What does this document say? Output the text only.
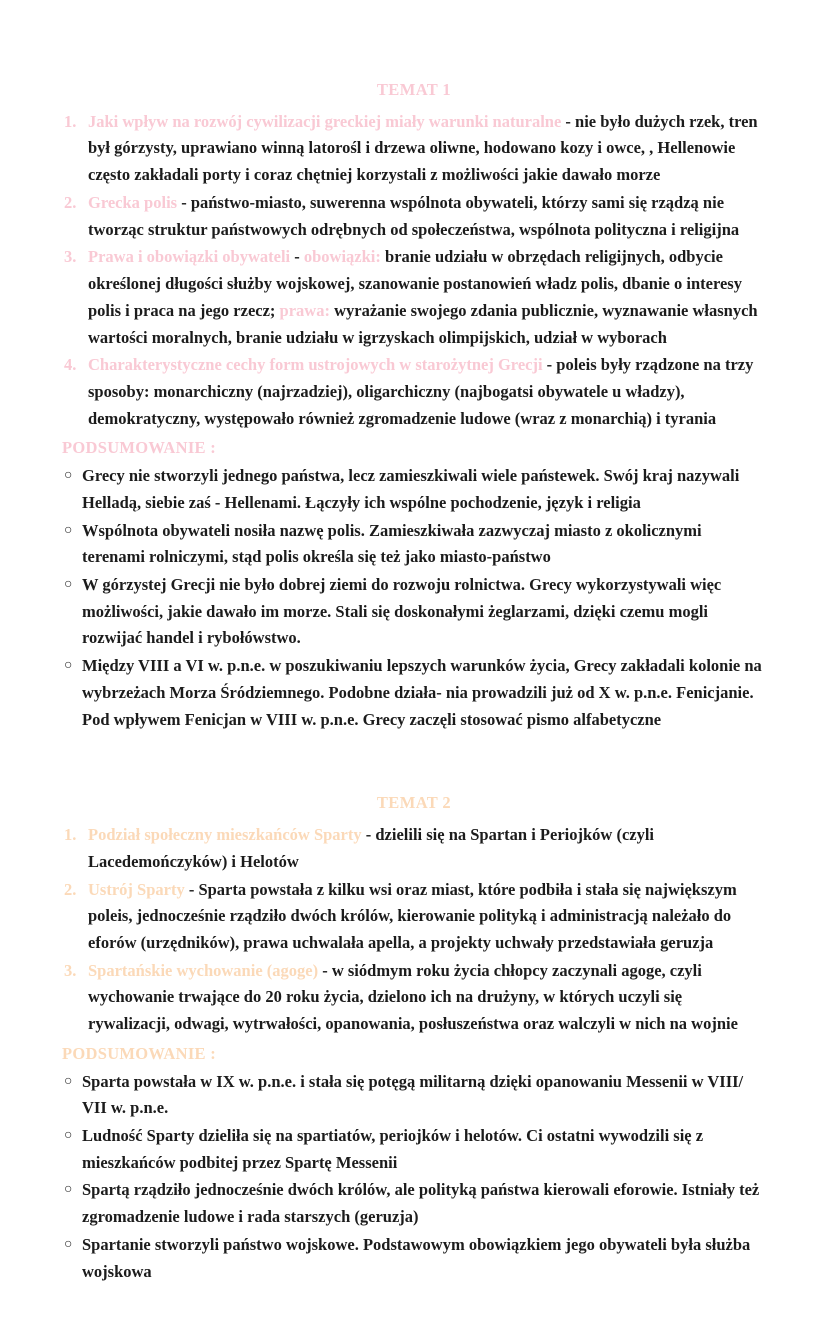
TEMAT 1
1. Jaki wpływ na rozwój cywilizacji greckiej miały warunki naturalne - nie było dużych rzek, tren był górzysty, uprawiano winną latorośl i drzewa oliwne, hodowano kozy i owce, , Hellenowie często zakładali porty i coraz chętniej korzystali z możliwości jakie dawało morze
2. Grecka polis - państwo-miasto, suwerenna wspólnota obywateli, którzy sami się rządzą nie tworząc struktur państwowych odrębnych od społeczeństwa, wspólnota polityczna i religijna
3. Prawa i obowiązki obywateli - obowiązki: branie udziału w obrzędach religijnych, odbycie określonej długości służby wojskowej, szanowanie postanowień władz polis, dbanie o interesy polis i praca na jego rzecz; prawa: wyrażanie swojego zdania publicznie, wyznawanie własnych wartości moralnych, branie udziału w igrzyskach olimpijskich, udział w wyborach
4. Charakterystyczne cechy form ustrojowych w starożytnej Grecji - poleis były rządzone na trzy sposoby: monarchiczny (najrzadziej), oligarchiczny (najbogatsi obywatele u władzy), demokratyczny, występowało również zgromadzenie ludowe (wraz z monarchią) i tyrania
PODSUMOWANIE :
○ Grecy nie stworzyli jednego państwa, lecz zamieszkiwali wiele państewek. Swój kraj nazywali Helladą, siebie zaś - Hellenami. Łączyły ich wspólne pochodzenie, język i religia
○ Wspólnota obywateli nosiła nazwę polis. Zamieszkiwała zazwyczaj miasto z okolicznymi terenami rolniczymi, stąd polis określa się też jako miasto-państwo
○ W górzystej Grecji nie było dobrej ziemi do rozwoju rolnictwa. Grecy wykorzystywali więc możliwości, jakie dawało im morze. Stali się doskonałymi żeglarzami, dzięki czemu mogli rozwijać handel i rybołówstwo.
○ Między VIII a VI w. p.n.e. w poszukiwaniu lepszych warunków życia, Grecy zakładali kolonie na wybrzeżach Morza Śródziemnego. Podobne działa- nia prowadzili już od X w. p.n.e. Fenicjanie. Pod wpływem Fenicjan w VIII w. p.n.e. Grecy zaczęli stosować pismo alfabetyczne
TEMAT 2
1. Podział społeczny mieszkańców Sparty - dzielili się na Spartan i Periojków (czyli Lacedemończyków) i Helotów
2. Ustrój Sparty - Sparta powstała z kilku wsi oraz miast, które podbiła i stała się największym poleis, jednocześnie rządziło dwóch królów, kierowanie polityką i administracją należało do eforów (urzędników), prawa uchwalała apella, a projekty uchwały przedstawiała geruzja
3. Spartańskie wychowanie (agoge) - w siódmym roku życia chłopcy zaczynali agoge, czyli wychowanie trwające do 20 roku życia, dzielono ich na drużyny, w których uczyli się rywalizacji, odwagi, wytrwałości, opanowania, posłuszeństwa oraz walczyli w nich na wojnie
PODSUMOWANIE :
○ Sparta powstała w IX w. p.n.e. i stała się potęgą militarną dzięki opanowaniu Messenii w VIII/ VII w. p.n.e.
○ Ludność Sparty dzieliła się na spartiatów, periojków i helotów. Ci ostatni wywodzili się z mieszkańców podbitej przez Spartę Messenii
○ Spartą rządziło jednocześnie dwóch królów, ale polityką państwa kierowali eforowie. Istniały też zgromadzenie ludowe i rada starszych (geruzja)
○ Spartanie stworzyli państwo wojskowe. Podstawowym obowiązkiem jego obywateli była służba wojskowa
